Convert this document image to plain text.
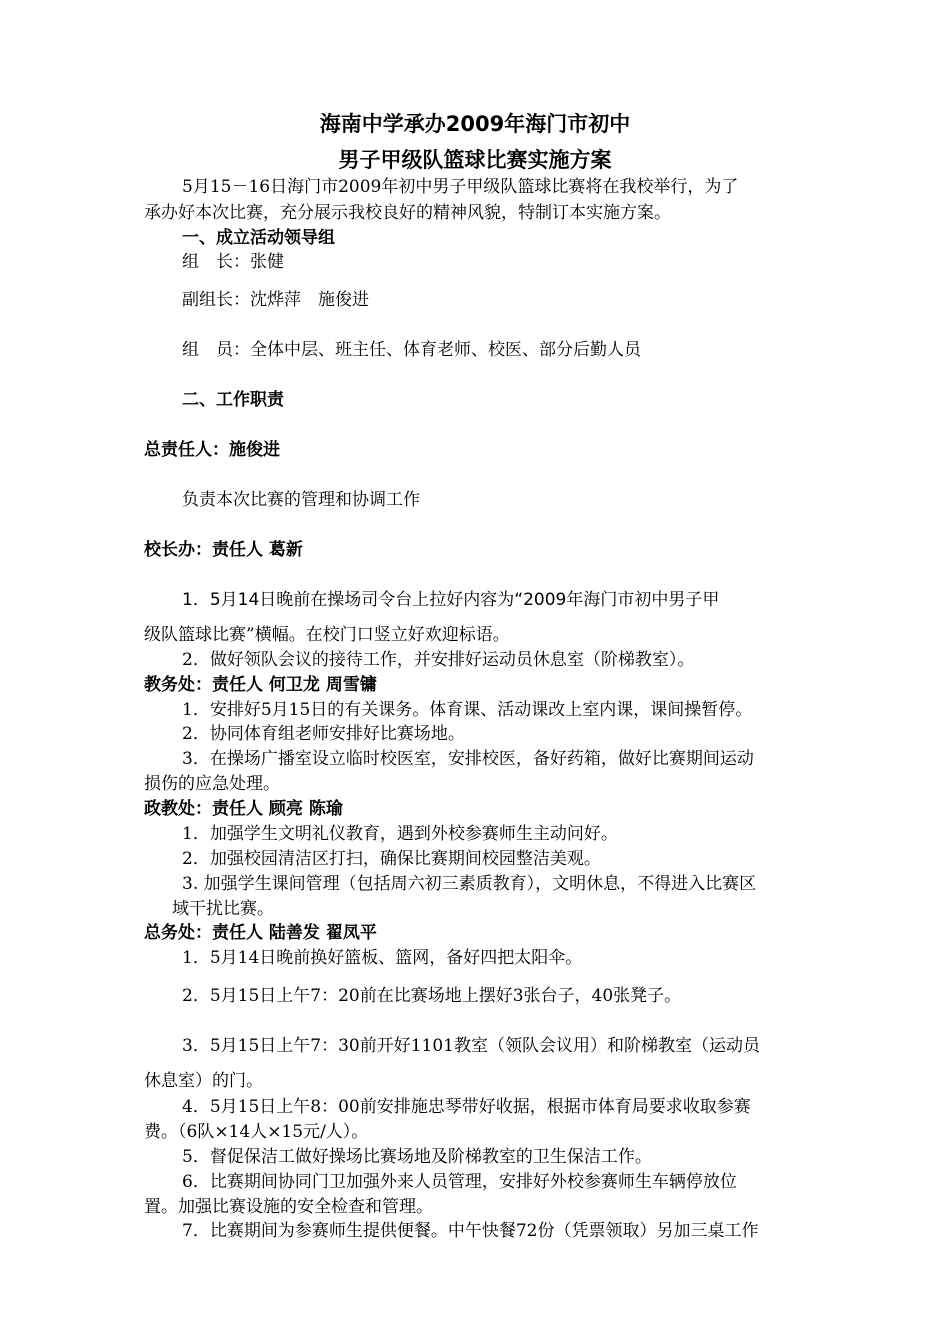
海南中学承办2009年海门市初中
男子甲级队篮球比赛实施方案
5月15－16日海门市2009年初中男子甲级队篮球比赛将在我校举行，为了
承办好本次比赛，充分展示我校良好的精神风貌，特制订本实施方案。
一、成立活动领导组
组　长：张健
副组长：沈烨萍　施俊进
组　员：全体中层、班主任、体育老师、校医、部分后勤人员
二、工作职责
总责任人：施俊进
负责本次比赛的管理和协调工作
校长办：责任人 葛新
1．5月14日晚前在操场司令台上拉好内容为“2009年海门市初中男子甲
级队篮球比赛”横幅。在校门口竖立好欢迎标语。
2．做好领队会议的接待工作，并安排好运动员休息室（阶梯教室）。
教务处：责任人 何卫龙 周雪镛
1．安排好5月15日的有关课务。体育课、活动课改上室内课，课间操暂停。
2．协同体育组老师安排好比赛场地。
3．在操场广播室设立临时校医室，安排校医，备好药箱，做好比赛期间运动
损伤的应急处理。
政教处：责任人 顾亮 陈瑜
1．加强学生文明礼仪教育，遇到外校参赛师生主动问好。
2．加强校园清洁区打扫，确保比赛期间校园整洁美观。
3. 加强学生课间管理（包括周六初三素质教育），文明休息，不得进入比赛区
域干扰比赛。
总务处：责任人 陆善发 翟凤平
1．5月14日晚前换好篮板、篮网，备好四把太阳伞。
2．5月15日上午7：20前在比赛场地上摆好3张台子，40张凳子。
3．5月15日上午7：30前开好1101教室（领队会议用）和阶梯教室（运动员
休息室）的门。
4．5月15日上午8：00前安排施忠琴带好收据，根据市体育局要求收取参赛
费。（6队×14人×15元/人）。
5．督促保洁工做好操场比赛场地及阶梯教室的卫生保洁工作。
6．比赛期间协同门卫加强外来人员管理，安排好外校参赛师生车辆停放位
置。加强比赛设施的安全检查和管理。
7．比赛期间为参赛师生提供便餐。中午快餐72份（凭票领取）另加三桌工作
